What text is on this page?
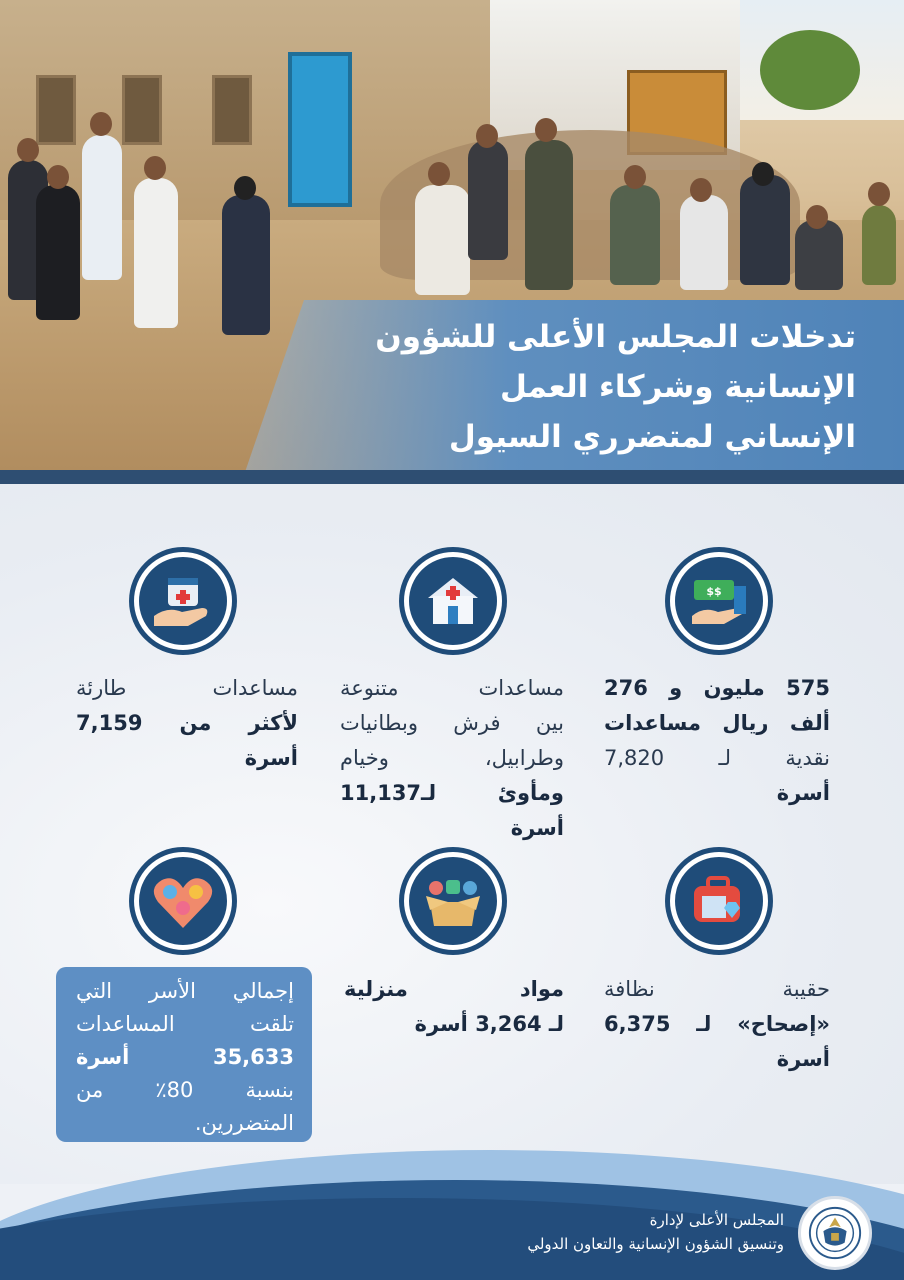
تدخلات المجلس الأعلى للشؤون
الإنسانية وشركاء العمل
الإنساني لمتضرري السيول
$$
575 مليون و 276
ألف ريال مساعدات
نقدية لـ 7,820
أسرة
مساعدات متنوعة
بين فرش وبطانيات
وطرابيل، وخيام
ومأوئ لـ11,137 أسرة
مساعدات طارئة
لأكثر من 7,159
أسرة
حقيبة نظافة
«إصحاح» لـ 6,375
أسرة
مواد منزلية
لـ 3,264 أسرة
إجمالي الأسر التي
تلقت المساعدات
35,633 أسرة
بنسبة 80٪ من
المتضررين.
المجلس الأعلى لإدارة
وتنسيق الشؤون الإنسانية والتعاون الدولي
